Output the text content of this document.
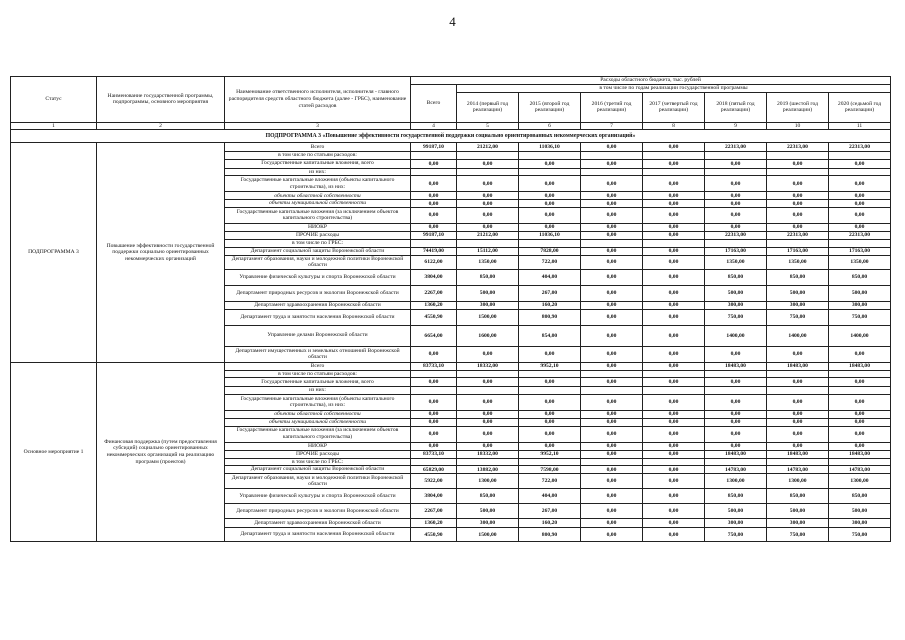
4
Статус	Наименование государственной программы, подпрограммы, основного мероприятия	Наименование ответственного исполнителя, исполнителя - главного распорядителя средств областного бюджета (далее - ГРБС), наименование статей расходов	Расходы областного бюджета, тыс. рублей							
			Всего	в том числе по годам реализации государственной программы						
				2014 (первый год реализации)	2015 (второй год реализации)	2016 (третий год реализации)	2017 (четвертый год реализации)	2018 (пятый год реализации)	2019 (шестой год реализации)	2020 (седьмой год реализации)
1	2	3	4	5	6	7	8	9	10	11
ПОДПРОГРАММА 3 «Повышение эффективности государственной поддержки социально ориентированных некоммерческих организаций»										
ПОДПРОГРАММА 3	Повышение эффективности государственной поддержки социально ориентированных некоммерческих организаций	Всего	99187,10	21212,00	11036,10	0,00	0,00	22313,00	22313,00	22313,00
		в том числе по статьям расходов:								
		Государственные капитальные вложения, всего	0,00	0,00	0,00	0,00	0,00	0,00	0,00	0,00
		из них:								
		Государственные капитальные вложения (объекты капитального строительства), из них:	0,00	0,00	0,00	0,00	0,00	0,00	0,00	0,00
		объекты областной собственности	0,00	0,00	0,00	0,00	0,00	0,00	0,00	0,00
		объекты муниципальной собственности	0,00	0,00	0,00	0,00	0,00	0,00	0,00	0,00
		Государственные капитальные вложения (за исключением объектов капитального строительства)	0,00	0,00	0,00	0,00	0,00	0,00	0,00	0,00
		НИОКР	0,00	0,00	0,00	0,00	0,00	0,00	0,00	0,00
		ПРОЧИЕ расходы	99187,10	21212,00	11036,10	0,00	0,00	22313,00	22313,00	22313,00
		в том числе по ГРБС:								
		Департамент социальной защиты Воронежской области	74419,00	15112,00	7828,00	0,00	0,00	17163,00	17163,00	17163,00
		Департамент образования, науки и молодежной политики Воронежской области	6122,00	1350,00	722,00	0,00	0,00	1350,00	1350,00	1350,00
		Управление физической культуры и спорта Воронежской области	3804,00	850,00	404,00	0,00	0,00	850,00	850,00	850,00
		Департамент природных ресурсов и экологии Воронежской области	2267,00	500,00	267,00	0,00	0,00	500,00	500,00	500,00
		Департамент здравоохранения Воронежской области	1360,20	300,00	160,20	0,00	0,00	300,00	300,00	300,00
		Департамент труда и занятости населения Воронежской области	4550,90	1500,00	800,90	0,00	0,00	750,00	750,00	750,00
		Управление делами Воронежской области	6654,00	1600,00	854,00	0,00	0,00	1400,00	1400,00	1400,00
		Департамент имущественных и земельных отношений Воронежской области	0,00	0,00	0,00	0,00	0,00	0,00	0,00	0,00
Основное мероприятие 1	Финансовая поддержка (путем предоставления субсидий) социально ориентированных некоммерческих организаций на реализацию программ (проектов)	Всего	83733,10	18332,00	9952,10	0,00	0,00	18483,00	18483,00	18483,00
		в том числе по статьям расходов:								
		Государственные капитальные вложения, всего	0,00	0,00	0,00	0,00	0,00	0,00	0,00	0,00
		из них:								
		Государственные капитальные вложения (объекты капитального строительства), из них:	0,00	0,00	0,00	0,00	0,00	0,00	0,00	0,00
		объекты областной собственности	0,00	0,00	0,00	0,00	0,00	0,00	0,00	0,00
		объекты муниципальной собственности	0,00	0,00	0,00	0,00	0,00	0,00	0,00	0,00
		Государственные капитальные вложения (за исключением объектов капитального строительства)	0,00	0,00	0,00	0,00	0,00	0,00	0,00	0,00
		НИОКР	0,00	0,00	0,00	0,00	0,00	0,00	0,00	0,00
		ПРОЧИЕ расходы	83733,10	18332,00	9952,10	0,00	0,00	18483,00	18483,00	18483,00
		в том числе по ГРБС:								
		Департамент социальной защиты Воронежской области	65829,00	13882,00	7598,00	0,00	0,00	14783,00	14783,00	14783,00
		Департамент образования, науки и молодежной политики Воронежской области	5922,00	1300,00	722,00	0,00	0,00	1300,00	1300,00	1300,00
		Управление физической культуры и спорта Воронежской области	3804,00	850,00	404,00	0,00	0,00	850,00	850,00	850,00
		Департамент природных ресурсов и экологии Воронежской области	2267,00	500,00	267,00	0,00	0,00	500,00	500,00	500,00
		Департамент здравоохранения Воронежской области	1360,20	300,00	160,20	0,00	0,00	300,00	300,00	300,00
		Департамент труда и занятости населения Воронежской области	4550,90	1500,00	800,90	0,00	0,00	750,00	750,00	750,00
